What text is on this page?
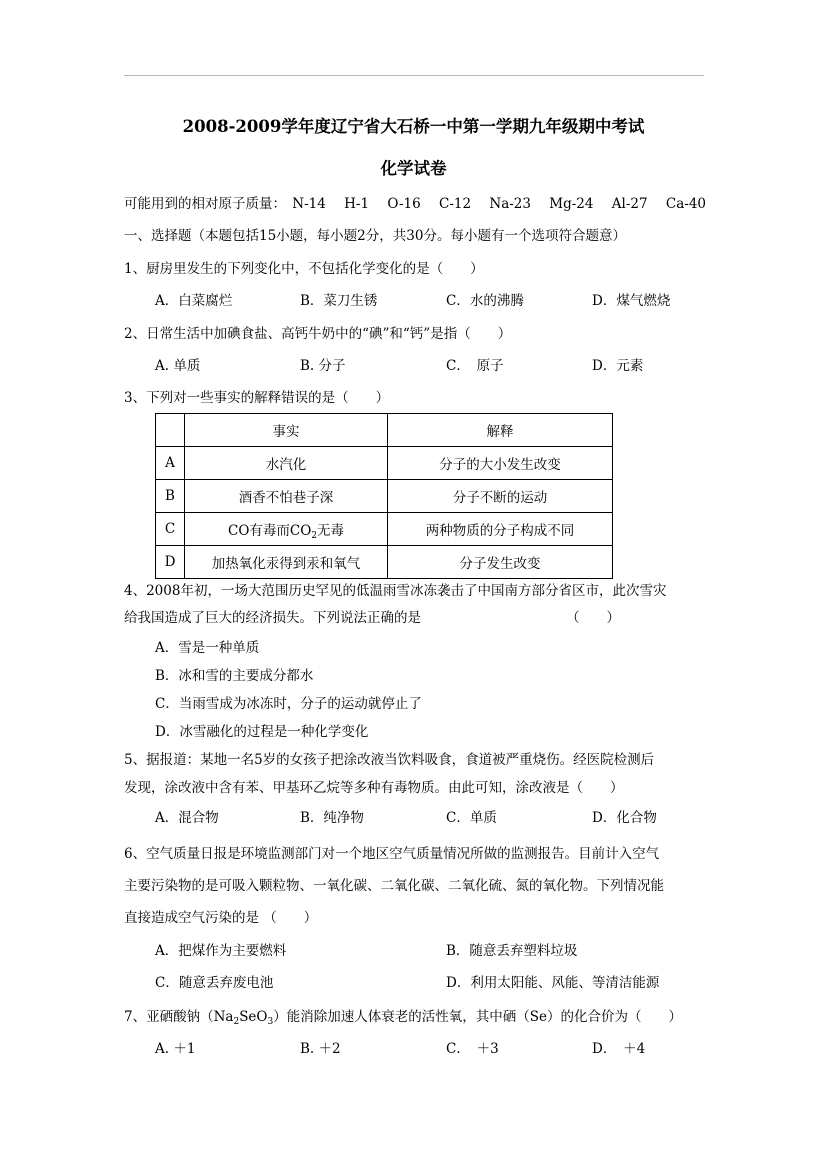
2008-2009学年度辽宁省大石桥一中第一学期九年级期中考试
化学试卷
可能用到的相对原子质量： N-14 H-1 O-16 C-12 Na-23 Mg-24 Al-27 Ca-40
一、选择题（本题包括15小题，每小题2分，共30分。每小题有一个选项符合题意）
1、厨房里发生的下列变化中，不包括化学变化的是（　　）
A．白菜腐烂	B．菜刀生锈	C．水的沸腾	D．煤气燃烧
2、日常生活中加碘食盐、高钙牛奶中的“碘”和“钙”是指（　　）
A. 单质	B. 分子	C．　原子	D．元素
3、下列对一些事实的解释错误的是（　　）
	事实	解释
A	水汽化	分子的大小发生改变
B	酒香不怕巷子深	分子不断的运动
C	CO有毒而$CO_2$无毒	两种物质的分子构成不同
D	加热氧化汞得到汞和氧气	分子发生改变
4、2008年初，一场大范围历史罕见的低温雨雪冰冻袭击了中国南方部分省区市，此次雪灾
给我国造成了巨大的经济损失。下列说法正确的是	（　　）
A．雪是一种单质
B．冰和雪的主要成分都水
C．当雨雪成为冰冻时，分子的运动就停止了
D．冰雪融化的过程是一种化学变化
5、据报道：某地一名5岁的女孩子把涂改液当饮料吸食，食道被严重烧伤。经医院检测后
发现，涂改液中含有苯、甲基环乙烷等多种有毒物质。由此可知，涂改液是（　　）
A．混合物	B．纯净物	C．单质	D．化合物
6、空气质量日报是环境监测部门对一个地区空气质量情况所做的监测报告。目前计入空气
主要污染物的是可吸入颗粒物、一氧化碳、二氧化碳、二氧化硫、氮的氧化物。下列情况能
直接造成空气污染的是 （　　）
A．把煤作为主要燃料	B．随意丢弃塑料垃圾
C．随意丢弃废电池	D．利用太阳能、风能、等清洁能源
7、亚硒酸钠$(Na_2SeO_3)$能消除加速人体衰老的活性氧，其中硒（Se）的化合价为（　　）
A. ＋1	B. ＋2	C．　＋3	D．　＋4
